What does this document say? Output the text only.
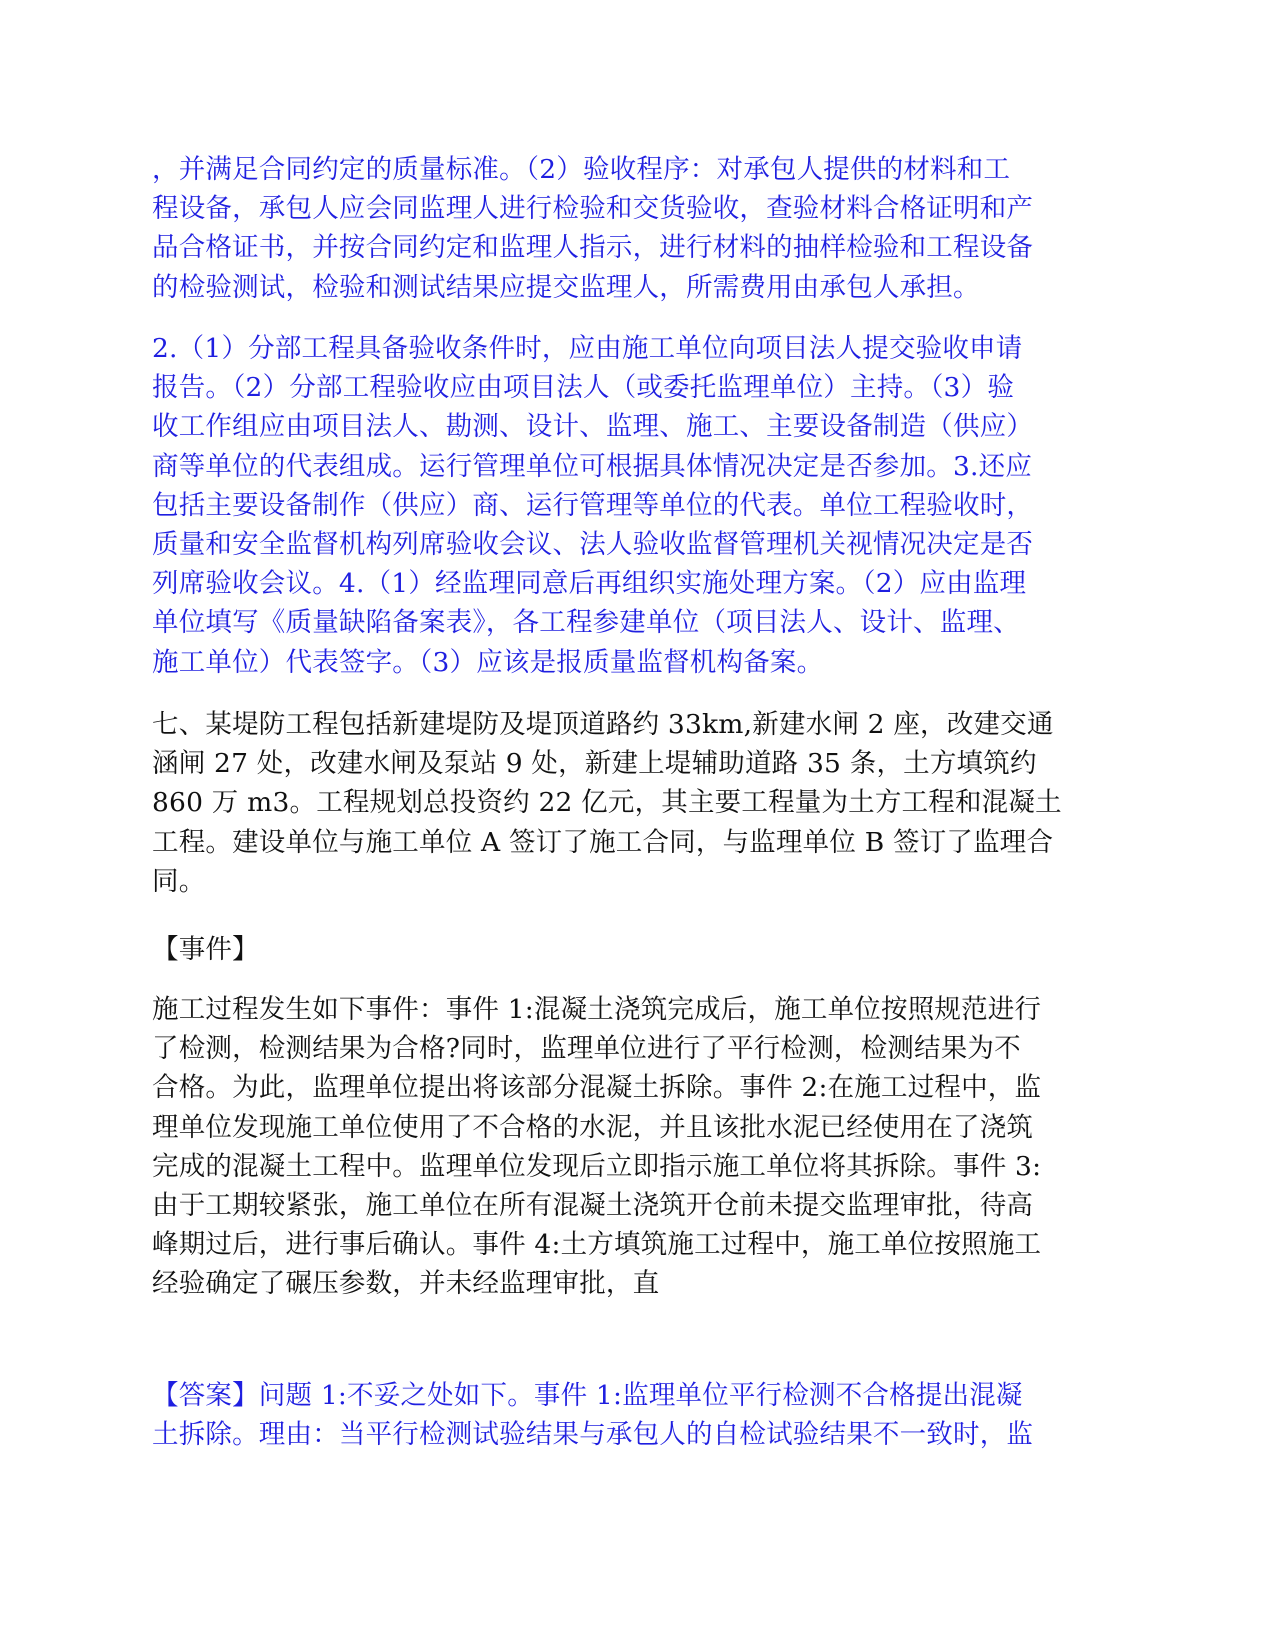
，并满足合同约定的质量标准。（2）验收程序：对承包人提供的材料和工
程设备，承包人应会同监理人进行检验和交货验收，查验材料合格证明和产
品合格证书，并按合同约定和监理人指示，进行材料的抽样检验和工程设备
的检验测试，检验和测试结果应提交监理人，所需费用由承包人承担。
2.（1）分部工程具备验收条件时，应由施工单位向项目法人提交验收申请
报告。（2）分部工程验收应由项目法人（或委托监理单位）主持。（3）验
收工作组应由项目法人、勘测、设计、监理、施工、主要设备制造（供应）
商等单位的代表组成。运行管理单位可根据具体情况决定是否参加。3.还应
包括主要设备制作（供应）商、运行管理等单位的代表。单位工程验收时，
质量和安全监督机构列席验收会议、法人验收监督管理机关视情况决定是否
列席验收会议。4.（1）经监理同意后再组织实施处理方案。（2）应由监理
单位填写《质量缺陷备案表》，各工程参建单位（项目法人、设计、监理、
施工单位）代表签字。（3）应该是报质量监督机构备案。
七、某堤防工程包括新建堤防及堤顶道路约 33km,新建水闸 2 座，改建交通
涵闸 27 处，改建水闸及泵站 9 处，新建上堤辅助道路 35 条，土方填筑约
860 万 m3。工程规划总投资约 22 亿元，其主要工程量为土方工程和混凝土
工程。建设单位与施工单位 A 签订了施工合同，与监理单位 B 签订了监理合
同。
【事件】
施工过程发生如下事件：事件 1:混凝土浇筑完成后，施工单位按照规范进行
了检测，检测结果为合格?同时，监理单位进行了平行检测，检测结果为不
合格。为此，监理单位提出将该部分混凝土拆除。事件 2:在施工过程中，监
理单位发现施工单位使用了不合格的水泥，并且该批水泥已经使用在了浇筑
完成的混凝土工程中。监理单位发现后立即指示施工单位将其拆除。事件 3:
由于工期较紧张，施工单位在所有混凝土浇筑开仓前未提交监理审批，待高
峰期过后，进行事后确认。事件 4:土方填筑施工过程中，施工单位按照施工
经验确定了碾压参数，并未经监理审批，直
【答案】问题 1:不妥之处如下。事件 1:监理单位平行检测不合格提出混凝
土拆除。理由：当平行检测试验结果与承包人的自检试验结果不一致时，监
